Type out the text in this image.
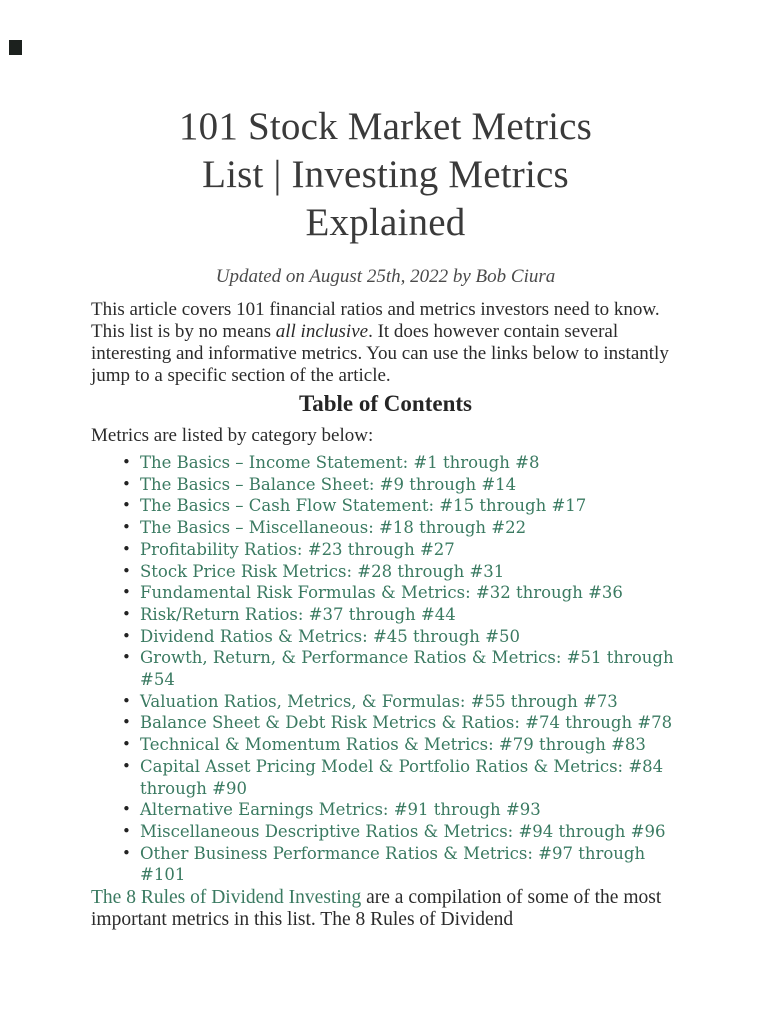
101 Stock Market Metrics
List | Investing Metrics
Explained
Updated on August 25th, 2022 by Bob Ciura

This article covers 101 financial ratios and metrics investors need to know.

This list is by no means all inclusive. It does however contain several interesting and informative metrics. You can use the links below to instantly jump to a specific section of the article.

Table of Contents

Metrics are listed by category below:

• The Basics – Income Statement: #1 through #8
• The Basics – Balance Sheet: #9 through #14
• The Basics – Cash Flow Statement: #15 through #17
• The Basics – Miscellaneous: #18 through #22
• Profitability Ratios: #23 through #27
• Stock Price Risk Metrics: #28 through #31
• Fundamental Risk Formulas & Metrics: #32 through #36
• Risk/Return Ratios: #37 through #44
• Dividend Ratios & Metrics: #45 through #50
• Growth, Return, & Performance Ratios & Metrics: #51 through #54
• Valuation Ratios, Metrics, & Formulas: #55 through #73
• Balance Sheet & Debt Risk Metrics & Ratios: #74 through #78
• Technical & Momentum Ratios & Metrics: #79 through #83
• Capital Asset Pricing Model & Portfolio Ratios & Metrics: #84 through #90
• Alternative Earnings Metrics: #91 through #93
• Miscellaneous Descriptive Ratios & Metrics: #94 through #96
• Other Business Performance Ratios & Metrics: #97 through #101

The 8 Rules of Dividend Investing are a compilation of some of the most important metrics in this list. The 8 Rules of Dividend
